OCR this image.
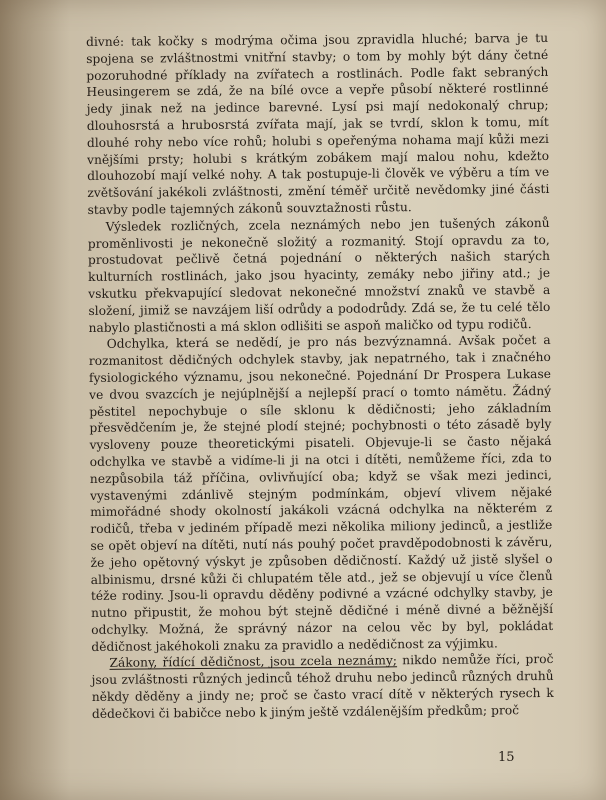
divné: tak kočky s modrýma očima jsou zpravidla hluché; barva je tu spojena se zvláštnostmi vnitřní stavby; o tom by mohly být dány četné pozoruhodné příklady na zvířatech a rostlinách. Podle fakt sebraných Heusingerem se zdá, že na bílé ovce a vepře působí některé rostlinné jedy jinak než na jedince barevné. Lysí psi mají nedokonalý chrup; dlouhosrstá a hrubosrstá zvířata mají, jak se tvrdí, sklon k tomu, mít dlouhé rohy nebo více rohů; holubi s opeřenýma nohama mají kůži mezi vnějšími prsty; holubi s krátkým zobákem mají malou nohu, kdežto dlouhozobí mají velké nohy. A tak postupuje-li člověk ve výběru a tím ve zvětšování jakékoli zvláštnosti, změní téměř určitě nevědomky jiné části stavby podle tajemných zákonů souvztažnosti růstu.

Výsledek rozličných, zcela neznámých nebo jen tušených zákonů proměnlivosti je nekonečně složitý a rozmanitý. Stojí opravdu za to, prostudovat pečlivě četná pojednání o některých našich starých kulturních rostlinách, jako jsou hyacinty, zemáky nebo jiřiny atd.; je vskutku překvapující sledovat nekonečné množství znaků ve stavbě a složení, jimiž se navzájem liší odrůdy a pododrůdy. Zdá se, že tu celé tělo nabylo plastičnosti a má sklon odlišiti se aspoň maličko od typu rodičů.

Odchylka, která se nedědí, je pro nás bezvýznamná. Avšak počet a rozmanitost dědičných odchylek stavby, jak nepatrného, tak i značného fysiologického významu, jsou nekonečné. Pojednání Dr Prospera Lukase ve dvou svazcích je nejúplnější a nejlepší prací o tomto námětu. Žádný pěstitel nepochybuje o síle sklonu k dědičnosti; jeho základním přesvědčením je, že stejné plodí stejné; pochybnosti o této zásadě byly vysloveny pouze theoretickými pisateli. Objevuje-li se často nějaká odchylka ve stavbě a vidíme-li ji na otci i dítěti, nemůžeme říci, zda to nezpůsobila táž příčina, ovlivňující oba; když se však mezi jedinci, vystavenými zdánlivě stejným podmínkám, objeví vlivem nějaké mimořádné shody okolností jakákoli vzácná odchylka na některém z rodičů, třeba v jediném případě mezi několika miliony jedinců, a jestliže se opět objeví na dítěti, nutí nás pouhý počet pravděpodobnosti k závěru, že jeho opětovný výskyt je způsoben dědičností. Každý už jistě slyšel o albinismu, drsné kůži či chlupatém těle atd., jež se objevují u více členů téže rodiny. Jsou-li opravdu děděny podivné a vzácné odchylky stavby, je nutno připustit, že mohou být stejně dědičné i méně divné a běžnější odchylky. Možná, že správný názor na celou věc by byl, pokládat dědičnost jakéhokoli znaku za pravidlo a nedědičnost za výjimku.

Zákony, řídící dědičnost, jsou zcela neznámy; nikdo nemůže říci, proč jsou zvláštnosti různých jedinců téhož druhu nebo jedinců různých druhů někdy děděny a jindy ne; proč se často vrací dítě v některých rysech k dědečkovi či babičce nebo k jiným ještě vzdálenějším předkům; proč

15
